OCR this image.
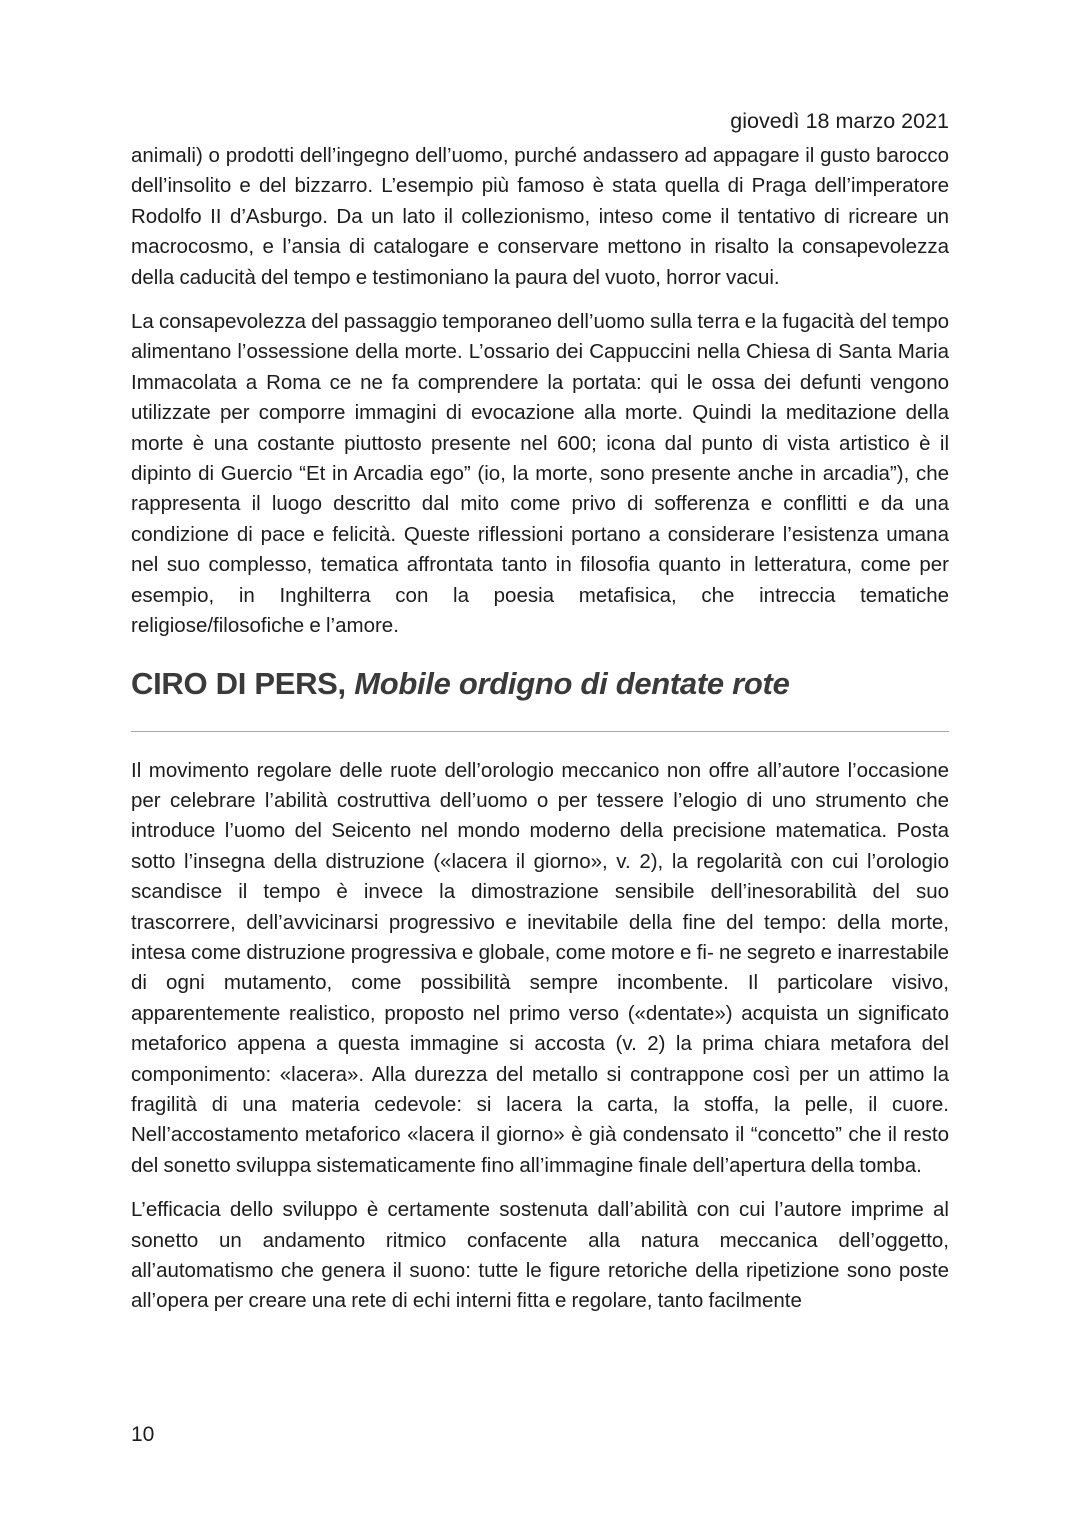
giovedì 18 marzo 2021

animali) o prodotti dell’ingegno dell’uomo, purché andassero ad appagare il gusto barocco dell’insolito e del bizzarro. L’esempio più famoso è stata quella di Praga dell’imperatore Rodolfo II d’Asburgo. Da un lato il collezionismo, inteso come il tentativo di ricreare un macrocosmo, e l’ansia di catalogare e conservare mettono in risalto la consapevolezza della caducità del tempo e testimoniano la paura del vuoto, horror vacui.

La consapevolezza del passaggio temporaneo dell’uomo sulla terra e la fugacità del tempo alimentano l’ossessione della morte. L’ossario dei Cappuccini nella Chiesa di Santa Maria Immacolata a Roma ce ne fa comprendere la portata: qui le ossa dei defunti vengono utilizzate per comporre immagini di evocazione alla morte. Quindi la meditazione della morte è una costante piuttosto presente nel 600; icona dal punto di vista artistico è il dipinto di Guercio “Et in Arcadia ego” (io, la morte, sono presente anche in arcadia”), che rappresenta il luogo descritto dal mito come privo di sofferenza e conflitti e da una condizione di pace e felicità. Queste riflessioni portano a considerare l’esistenza umana nel suo complesso, tematica affrontata tanto in filosofia quanto in letteratura, come per esempio, in Inghilterra con la poesia metafisica, che intreccia tematiche religiose/filosofiche e l’amore.

CIRO DI PERS, Mobile ordigno di dentate rote

Il movimento regolare delle ruote dell’orologio meccanico non offre all’autore l’occasione per celebrare l’abilità costruttiva dell’uomo o per tessere l’elogio di uno strumento che introduce l’uomo del Seicento nel mondo moderno della precisione matematica. Posta sotto l’insegna della distruzione («lacera il giorno», v. 2), la regolarità con cui l’orologio scandisce il tempo è invece la dimostrazione sensibile dell’inesorabilità del suo trascorrere, dell’avvicinarsi progressivo e inevitabile della fine del tempo: della morte, intesa come distruzione progressiva e globale, come motore e fi- ne segreto e inarrestabile di ogni mutamento, come possibilità sempre incombente. Il particolare visivo, apparentemente realistico, proposto nel primo verso («dentate») acquista un significato metaforico appena a questa immagine si accosta (v. 2) la prima chiara metafora del componimento: «lacera». Alla durezza del metallo si contrappone così per un attimo la fragilità di una materia cedevole: si lacera la carta, la stoffa, la pelle, il cuore. Nell’accostamento metaforico «lacera il giorno» è già condensato il “concetto” che il resto del sonetto sviluppa sistematicamente fino all’immagine finale dell’apertura della tomba.

L’efficacia dello sviluppo è certamente sostenuta dall’abilità con cui l’autore imprime al sonetto un andamento ritmico confacente alla natura meccanica dell’oggetto, all’automatismo che genera il suono: tutte le figure retoriche della ripetizione sono poste all’opera per creare una rete di echi interni fitta e regolare, tanto facilmente

10
